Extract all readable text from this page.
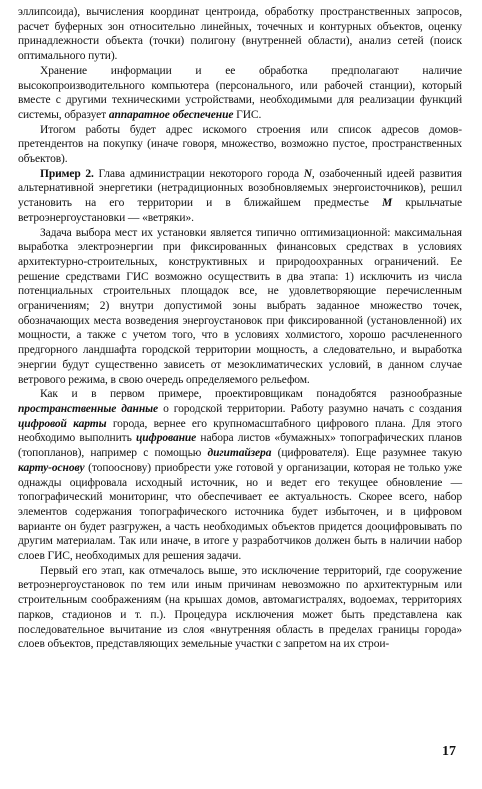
эллипсоида), вычисления координат центроида, обработку пространственных запросов, расчет буферных зон относительно линейных, точечных и контурных объектов, оценку принадлежности объекта (точки) полигону (внутренней области), анализ сетей (поиск оптимального пути).

Хранение информации и ее обработка предполагают наличие высокопроизводительного компьютера (персонального, или рабочей станции), который вместе с другими техническими устройствами, необходимыми для реализации функций системы, образует аппаратное обеспечение ГИС.

Итогом работы будет адрес искомого строения или список адресов домов-претендентов на покупку (иначе говоря, множество, возможно пустое, пространственных объектов).

Пример 2. Глава администрации некоторого города N, озабоченный идеей развития альтернативной энергетики (нетрадиционных возобновляемых энергоисточников), решил установить на его территории и в ближайшем предместье M крыльчатые ветроэнергоустановки — «ветряки».

Задача выбора мест их установки является типично оптимизационной: максимальная выработка электроэнергии при фиксированных финансовых средствах в условиях архитектурно-строительных, конструктивных и природоохранных ограничений. Ее решение средствами ГИС возможно осуществить в два этапа: 1) исключить из числа потенциальных строительных площадок все, не удовлетворяющие перечисленным ограничениям; 2) внутри допустимой зоны выбрать заданное множество точек, обозначающих места возведения энергоустановок при фиксированной (установленной) их мощности, а также с учетом того, что в условиях холмистого, хорошо расчлененного предгорного ландшафта городской территории мощность, а следовательно, и выработка энергии будут существенно зависеть от мезоклиматических условий, в данном случае ветрового режима, в свою очередь определяемого рельефом.

Как и в первом примере, проектировщикам понадобятся разнообразные пространственные данные о городской территории. Работу разумно начать с создания цифровой карты города, вернее его крупномасштабного цифрового плана. Для этого необходимо выполнить цифрование набора листов «бумажных» топографических планов (топопланов), например с помощью дигитайзера (цифрователя). Еще разумнее такую карту-основу (топооснову) приобрести уже готовой у организации, которая не только уже однажды оцифровала исходный источник, но и ведет его текущее обновление — топографический мониторинг, что обеспечивает ее актуальность. Скорее всего, набор элементов содержания топографического источника будет избыточен, и в цифровом варианте он будет разгружен, а часть необходимых объектов придется дооцифровывать по другим материалам. Так или иначе, в итоге у разработчиков должен быть в наличии набор слоев ГИС, необходимых для решения задачи.

Первый его этап, как отмечалось выше, это исключение территорий, где сооружение ветроэнергоустановок по тем или иным причинам невозможно по архитектурным или строительным соображениям (на крышах домов, автомагистралях, водоемах, территориях парков, стадионов и т. п.). Процедура исключения может быть представлена как последовательное вычитание из слоя «внутренняя область в пределах границы города» слоев объектов, представляющих земельные участки с запретом на их строи-

17
